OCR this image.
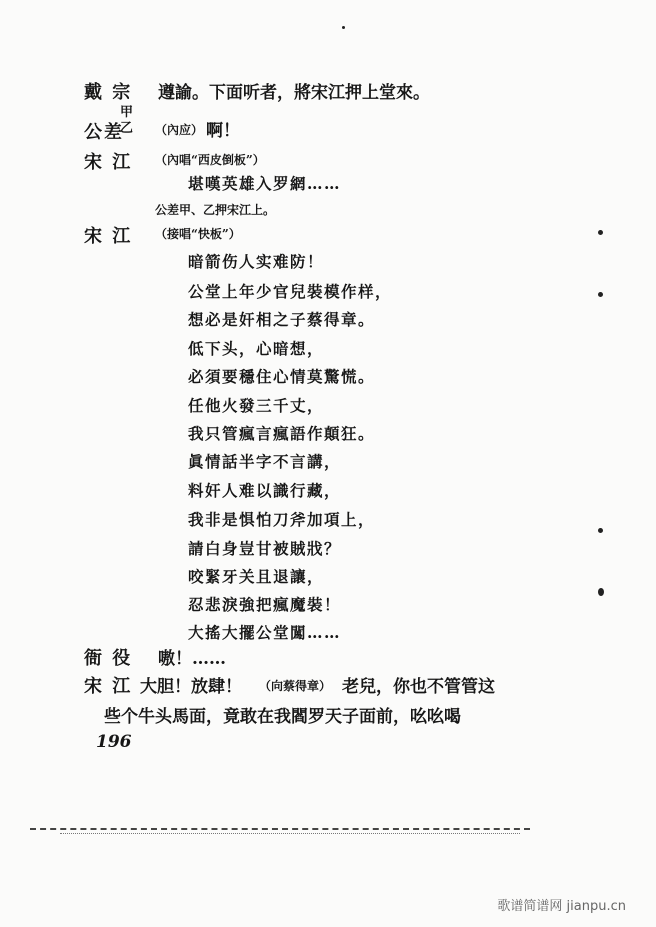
戴 宗 遵諭。下面听者，將宋江押上堂來。
公差
甲
乙 （內应） 啊！
宋 江 （內唱“西皮倒板”）
堪嘆英雄入罗網……
公差甲、乙押宋江上。
宋 江 （接唱“快板”）
暗箭伤人实难防！
公堂上年少官兒裝模作样，
想必是奸相之子蔡得章。
低下头，心暗想，
必須要穩住心情莫驚慌。
任他火發三千丈，
我只管瘋言瘋語作顛狂。
眞情話半字不言講，
料奸人难以識行藏，
我非是惧怕刀斧加項上，
請白身豈甘被賊戕？
咬緊牙关且退讓，
忍悲淚強把瘋魔裝！
大搖大擺公堂闖……
衙 役 嗷！……
宋 江 大胆！放肆！ （向蔡得章） 老兒，你也不管管这
些个牛头馬面，竟敢在我閻罗天子面前，吆吆喝
196
歌谱简谱网 jianpu.cn
